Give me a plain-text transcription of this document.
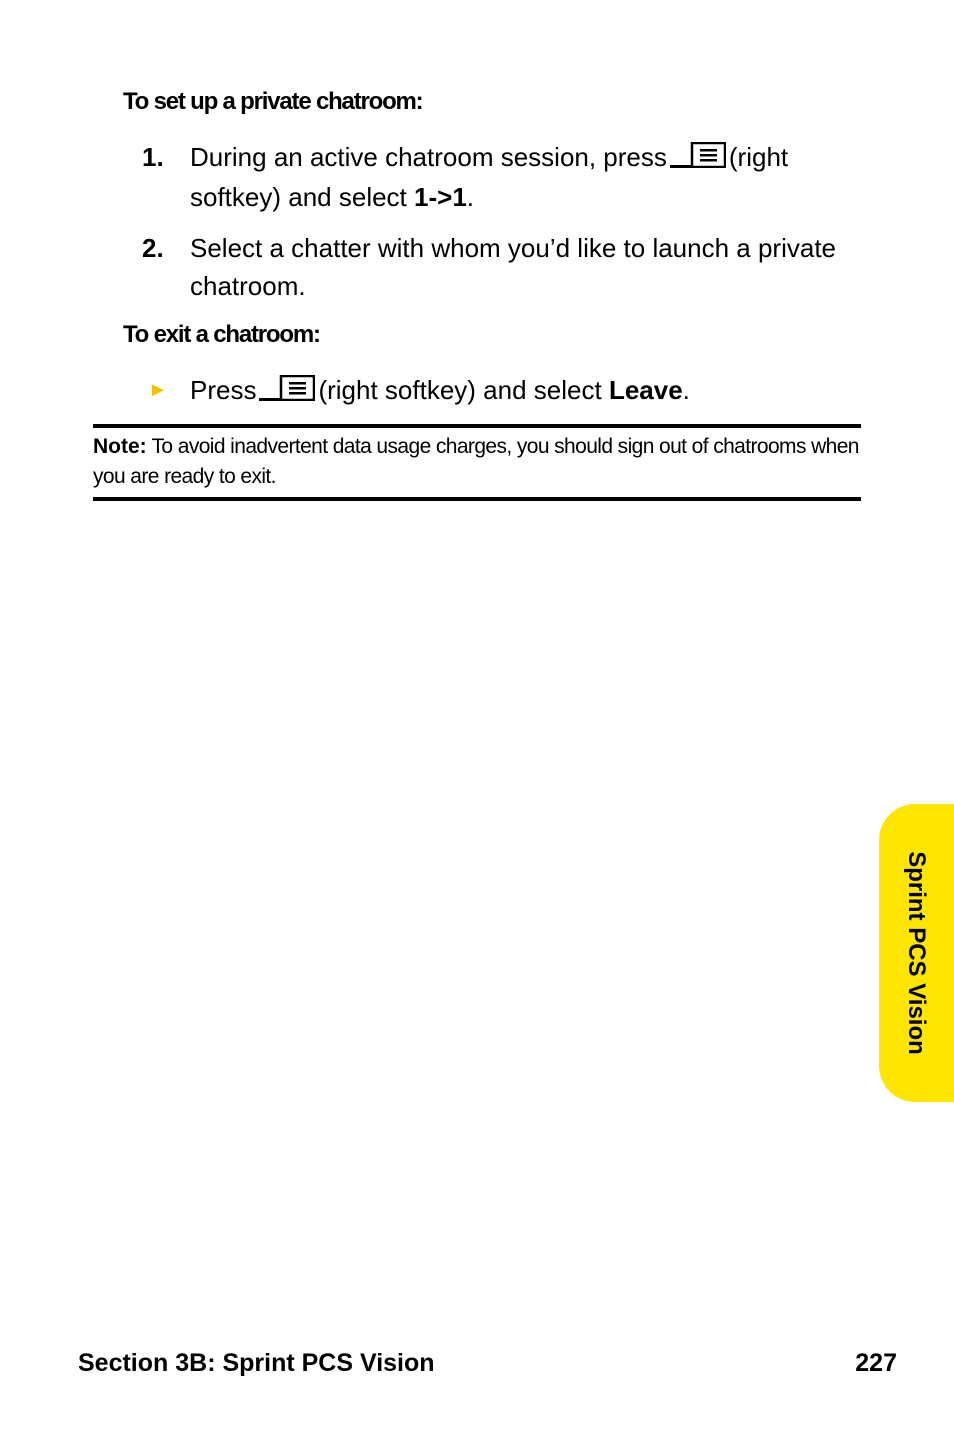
To set up a private chatroom:
1. During an active chatroom session, press (right softkey) and select 1->1.
2. Select a chatter with whom you’d like to launch a private chatroom.
To exit a chatroom:
► Press (right softkey) and select Leave.
Note: To avoid inadvertent data usage charges, you should sign out of chatrooms when you are ready to exit.
Sprint PCS Vision
Section 3B: Sprint PCS Vision	227
